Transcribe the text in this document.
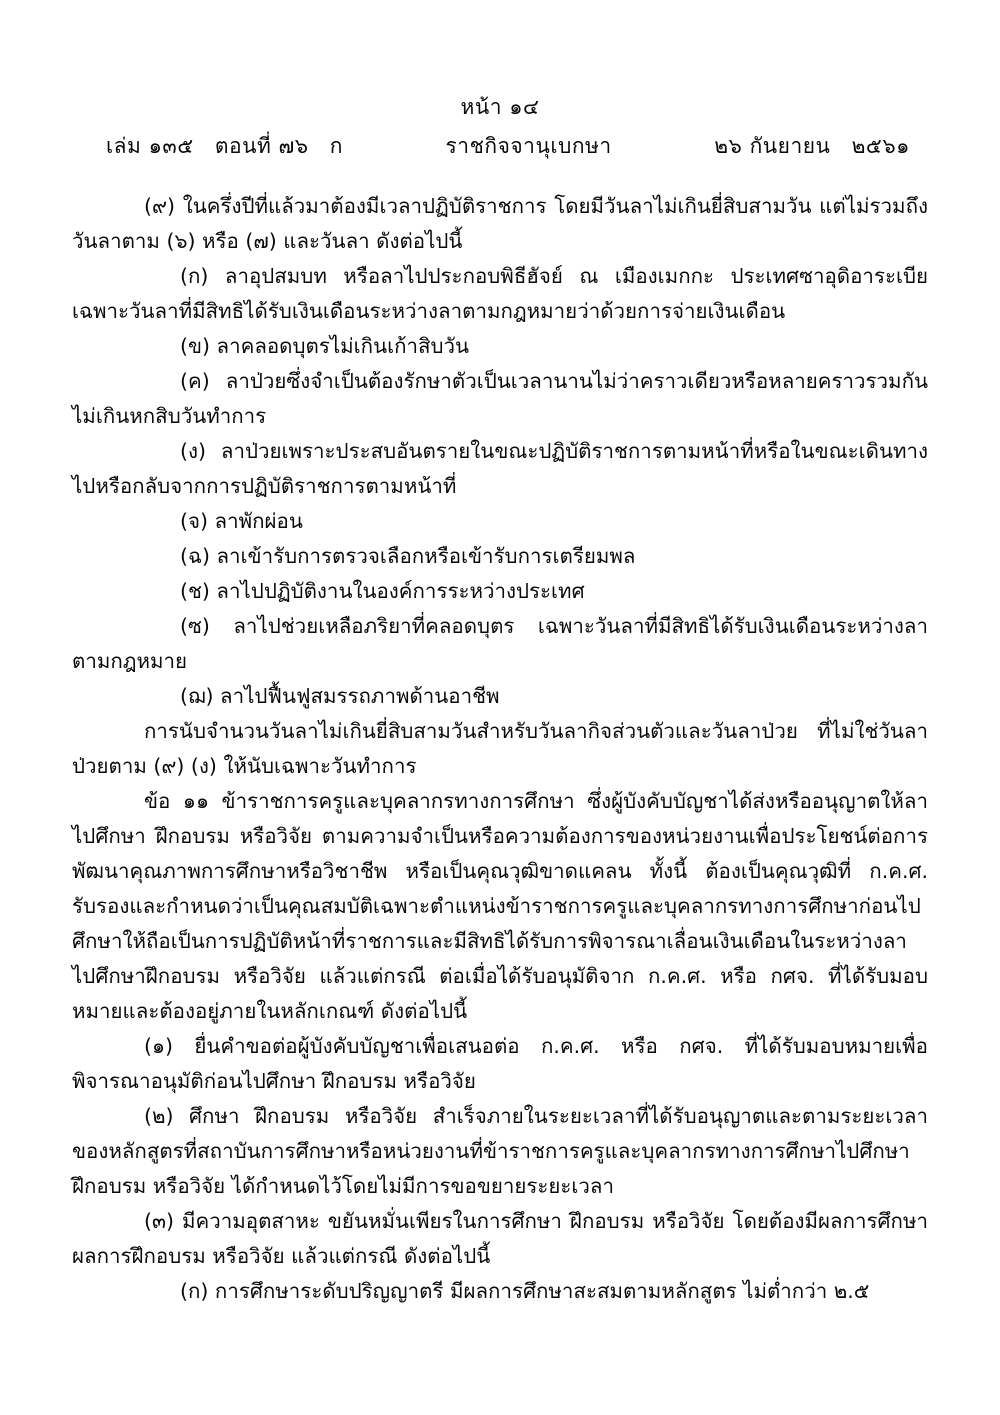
หน้า ๑๔
เล่ม ๑๓๕ ตอนที่ ๗๖ ก	ราชกิจจานุเบกษา	๒๖ กันยายน ๒๕๖๑

(๙) ในครึ่งปีที่แล้วมาต้องมีเวลาปฏิบัติราชการ โดยมีวันลาไม่เกินยี่สิบสามวัน แต่ไม่รวมถึงวันลาตาม (๖) หรือ (๗) และวันลา ดังต่อไปนี้

(ก) ลาอุปสมบท หรือลาไปประกอบพิธีฮัจย์ ณ เมืองเมกกะ ประเทศซาอุดิอาระเบีย เฉพาะวันลาที่มีสิทธิได้รับเงินเดือนระหว่างลาตามกฎหมายว่าด้วยการจ่ายเงินเดือน

(ข) ลาคลอดบุตรไม่เกินเก้าสิบวัน

(ค) ลาป่วยซึ่งจำเป็นต้องรักษาตัวเป็นเวลานานไม่ว่าคราวเดียวหรือหลายคราวรวมกันไม่เกินหกสิบวันทำการ

(ง) ลาป่วยเพราะประสบอันตรายในขณะปฏิบัติราชการตามหน้าที่หรือในขณะเดินทางไปหรือกลับจากการปฏิบัติราชการตามหน้าที่

(จ) ลาพักผ่อน

(ฉ) ลาเข้ารับการตรวจเลือกหรือเข้ารับการเตรียมพล

(ช) ลาไปปฏิบัติงานในองค์การระหว่างประเทศ

(ซ) ลาไปช่วยเหลือภริยาที่คลอดบุตร เฉพาะวันลาที่มีสิทธิได้รับเงินเดือนระหว่างลาตามกฎหมาย

(ฌ) ลาไปฟื้นฟูสมรรถภาพด้านอาชีพ

การนับจำนวนวันลาไม่เกินยี่สิบสามวันสำหรับวันลากิจส่วนตัวและวันลาป่วย ที่ไม่ใช่วันลาป่วยตาม (๙) (ง) ให้นับเฉพาะวันทำการ

ข้อ ๑๑ ข้าราชการครูและบุคลากรทางการศึกษา ซึ่งผู้บังคับบัญชาได้ส่งหรืออนุญาตให้ลาไปศึกษา ฝึกอบรม หรือวิจัย ตามความจำเป็นหรือความต้องการของหน่วยงานเพื่อประโยชน์ต่อการพัฒนาคุณภาพการศึกษาหรือวิชาชีพ หรือเป็นคุณวุฒิขาดแคลน ทั้งนี้ ต้องเป็นคุณวุฒิที่ ก.ค.ศ. รับรองและกำหนดว่าเป็นคุณสมบัติเฉพาะตำแหน่งข้าราชการครูและบุคลากรทางการศึกษาก่อนไปศึกษาให้ถือเป็นการปฏิบัติหน้าที่ราชการและมีสิทธิได้รับการพิจารณาเลื่อนเงินเดือนในระหว่างลาไปศึกษาฝึกอบรม หรือวิจัย แล้วแต่กรณี ต่อเมื่อได้รับอนุมัติจาก ก.ค.ศ. หรือ กศจ. ที่ได้รับมอบหมายและต้องอยู่ภายในหลักเกณฑ์ ดังต่อไปนี้

(๑) ยื่นคำขอต่อผู้บังคับบัญชาเพื่อเสนอต่อ ก.ค.ศ. หรือ กศจ. ที่ได้รับมอบหมายเพื่อพิจารณาอนุมัติก่อนไปศึกษา ฝึกอบรม หรือวิจัย

(๒) ศึกษา ฝึกอบรม หรือวิจัย สำเร็จภายในระยะเวลาที่ได้รับอนุญาตและตามระยะเวลาของหลักสูตรที่สถาบันการศึกษาหรือหน่วยงานที่ข้าราชการครูและบุคลากรทางการศึกษาไปศึกษาฝึกอบรม หรือวิจัย ได้กำหนดไว้โดยไม่มีการขอขยายระยะเวลา

(๓) มีความอุตสาหะ ขยันหมั่นเพียรในการศึกษา ฝึกอบรม หรือวิจัย โดยต้องมีผลการศึกษาผลการฝึกอบรม หรือวิจัย แล้วแต่กรณี ดังต่อไปนี้

(ก) การศึกษาระดับปริญญาตรี มีผลการศึกษาสะสมตามหลักสูตร ไม่ต่ำกว่า ๒.๕
